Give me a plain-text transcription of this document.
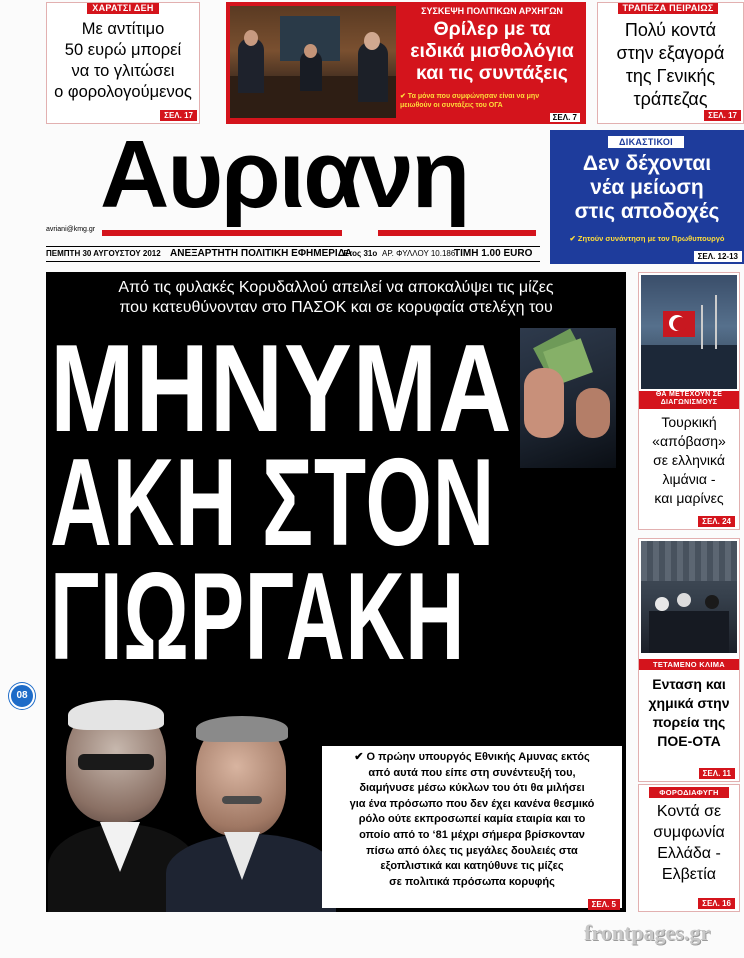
ΧΑΡΑΤΣΙ ΔΕΗ
Με αντίτιμο
50 ευρώ μπορεί
να το γλιτώσει
ο φορολογούμενος
ΣΕΛ. 17
ΣΥΣΚΕΨΗ ΠΟΛΙΤΙΚΩΝ ΑΡΧΗΓΩΝ
Θρίλερ με τα
ειδικά μισθολόγια
και τις συντάξεις
✔ Τα μόνα που συμφώνησαν είναι να μην
μειωθούν οι συντάξεις του ΟΓΑ
ΣΕΛ. 7
ΤΡΑΠΕΖΑ ΠΕΙΡΑΙΩΣ
Πολύ κοντά
στην εξαγορά
της Γενικής
τράπεζας
ΣΕΛ. 17
Αυριανη
avriani@kmg.gr
ΠΕΜΠΤΗ 30 ΑΥΓΟΥΣΤΟΥ 2012 ΑΝΕΞΑΡΤΗΤΗ ΠΟΛΙΤΙΚΗ ΕΦΗΜΕΡΙΔΑ
Έτος 31ο ΑΡ. ΦΥΛΛΟΥ 10.186
ΤΙΜΗ 1.00 EURO
ΔΙΚΑΣΤΙΚΟΙ
Δεν δέχονται
νέα μείωση
στις αποδοχές
✔ Ζητούν συνάντηση με τον Πρωθυπουργό
ΣΕΛ. 12-13
Από τις φυλακές Κορυδαλλού απειλεί να αποκαλύψει τις μίζες
που κατευθύνονταν στο ΠΑΣΟΚ και σε κορυφαία στελέχη του
ΜΗΝΥΜΑ
ΑΚΗ ΣΤΟΝ
ΓΙΩΡΓΑΚΗ
✔ Ο πρώην υπουργός Εθνικής Αμυνας εκτός
από αυτά που είπε στη συνέντευξή του,
διαμήνυσε μέσω κύκλων του ότι θα μιλήσει
για ένα πρόσωπο που δεν έχει κανένα θεσμικό
ρόλο ούτε εκπροσωπεί καμία εταιρία και το
οποίο από το ‘81 μέχρι σήμερα βρίσκονταν
πίσω από όλες τις μεγάλες δουλειές στα
εξοπλιστικά και κατηύθυνε τις μίζες
σε πολιτικά πρόσωπα κορυφής
ΣΕΛ. 5
08
ΘΑ ΜΕΤΕΧΟΥΝ ΣΕ ΔΙΑΓΩΝΙΣΜΟΥΣ
Τουρκική
«απόβαση»
σε ελληνικά
λιμάνια -
και μαρίνες
ΣΕΛ. 24
ΤΕΤΑΜΕΝΟ ΚΛΙΜΑ
Ενταση και
χημικά στην
πορεία της
ΠΟΕ-ΟΤΑ
ΣΕΛ. 11
ΦΟΡΟΔΙΑΦΥΓΗ
Κοντά σε
συμφωνία
Ελλάδα -
Ελβετία
ΣΕΛ. 16
frontpages.gr
